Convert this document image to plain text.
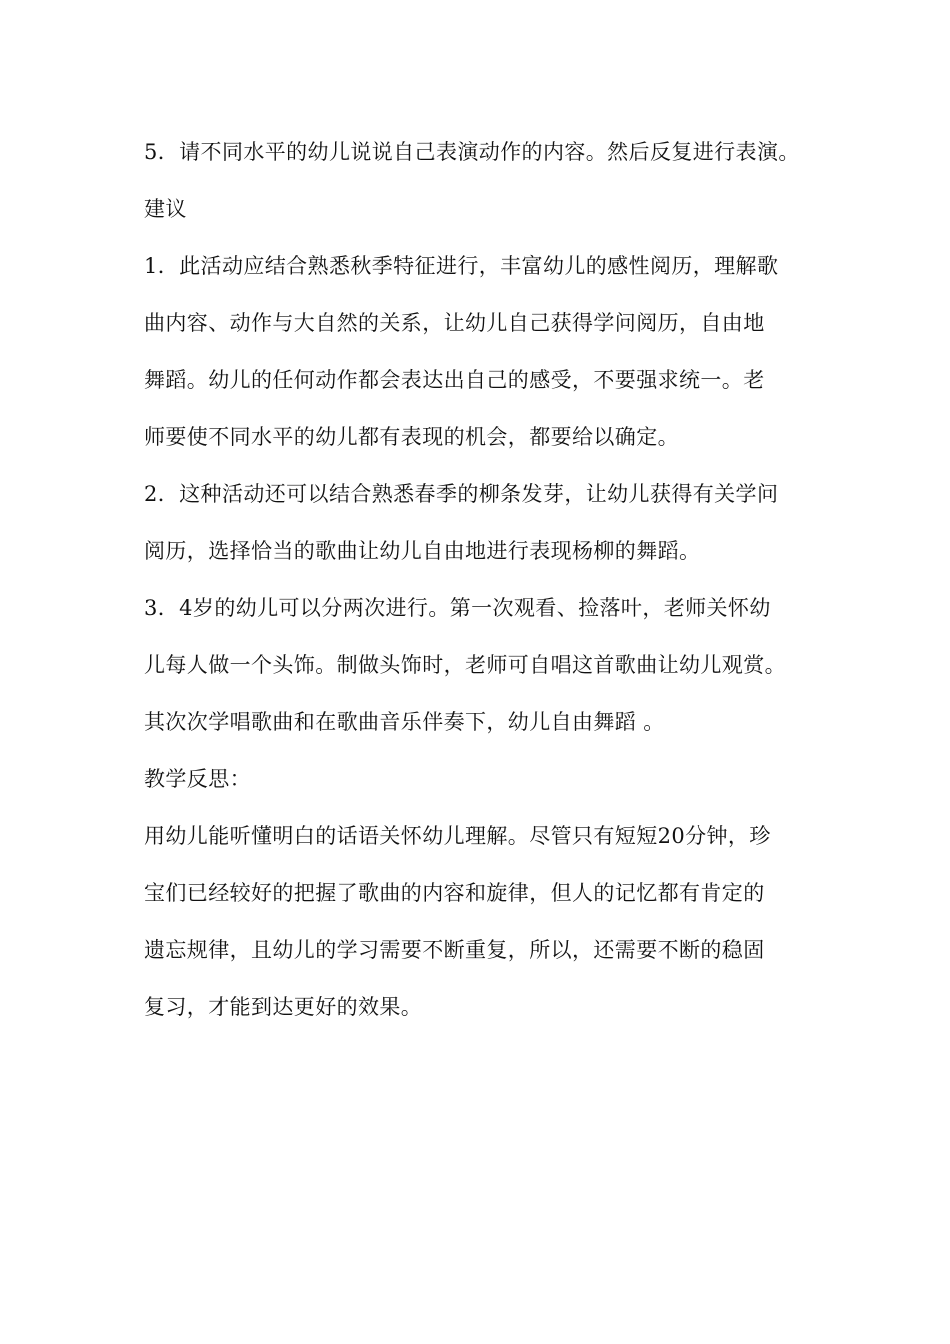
5．请不同水平的幼儿说说自己表演动作的内容。然后反复进行表演。
建议
1．此活动应结合熟悉秋季特征进行，丰富幼儿的感性阅历，理解歌
曲内容、动作与大自然的关系，让幼儿自己获得学问阅历，自由地
舞蹈。幼儿的任何动作都会表达出自己的感受，不要强求统一。老
师要使不同水平的幼儿都有表现的机会，都要给以确定。
2．这种活动还可以结合熟悉春季的柳条发芽，让幼儿获得有关学问
阅历，选择恰当的歌曲让幼儿自由地进行表现杨柳的舞蹈。
3．4岁的幼儿可以分两次进行。第一次观看、捡落叶，老师关怀幼
儿每人做一个头饰。制做头饰时，老师可自唱这首歌曲让幼儿观赏。
其次次学唱歌曲和在歌曲音乐伴奏下，幼儿自由舞蹈 。
教学反思：
用幼儿能听懂明白的话语关怀幼儿理解。尽管只有短短20分钟，珍
宝们已经较好的把握了歌曲的内容和旋律，但人的记忆都有肯定的
遗忘规律，且幼儿的学习需要不断重复，所以，还需要不断的稳固
复习，才能到达更好的效果。
